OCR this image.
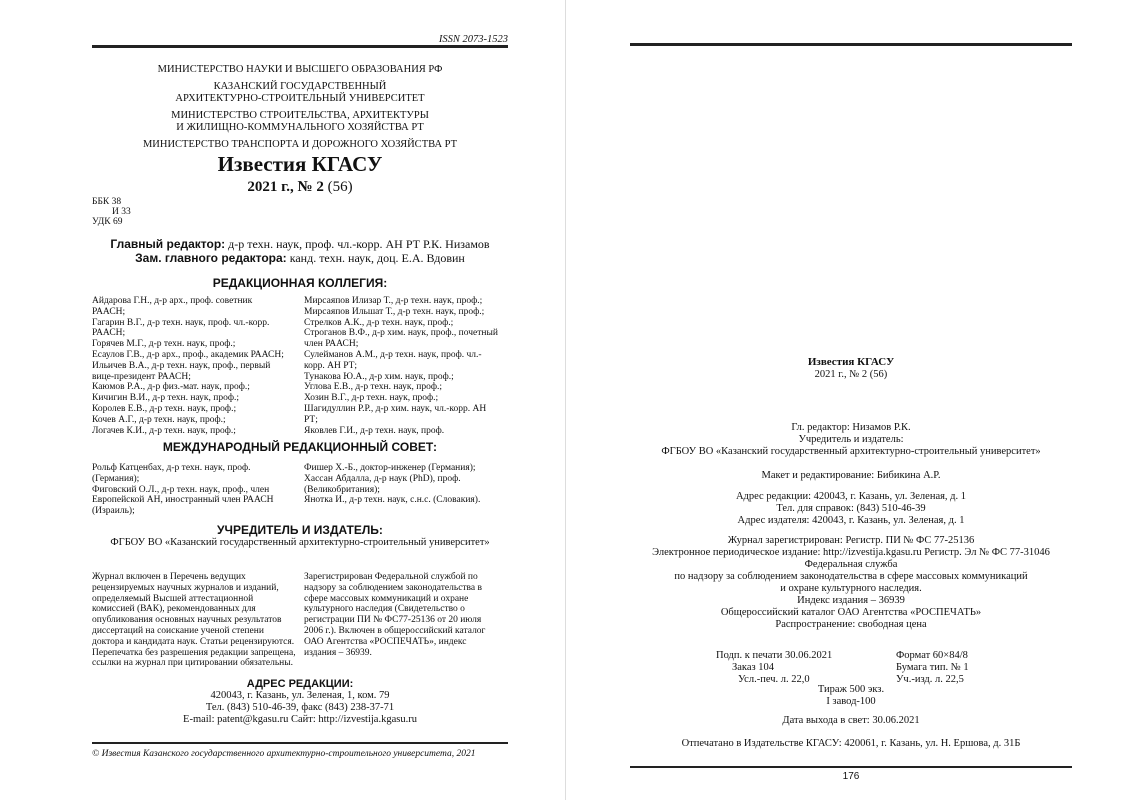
ISSN 2073-1523
МИНИСТЕРСТВО НАУКИ И ВЫСШЕГО ОБРАЗОВАНИЯ РФ
КАЗАНСКИЙ ГОСУДАРСТВЕННЫЙ
АРХИТЕКТУРНО-СТРОИТЕЛЬНЫЙ УНИВЕРСИТЕТ
МИНИСТЕРСТВО СТРОИТЕЛЬСТВА, АРХИТЕКТУРЫ
И ЖИЛИЩНО-КОММУНАЛЬНОГО ХОЗЯЙСТВА РТ
МИНИСТЕРСТВО ТРАНСПОРТА И ДОРОЖНОГО ХОЗЯЙСТВА РТ
Известия КГАСУ
2021 г., № 2 (56)
ББК 38
И 33
УДК 69
Главный редактор: д-р техн. наук, проф. чл.-корр. АН РТ Р.К. Низамов
Зам. главного редактора: канд. техн. наук, доц. Е.А. Вдовин
РЕДАКЦИОННАЯ КОЛЛЕГИЯ:
Айдарова Г.Н., д-р арх., проф. советник
РААСН;
Гагарин В.Г., д-р техн. наук, проф. чл.-корр.
РААСН;
Горячев М.Г., д-р техн. наук, проф.;
Есаулов Г.В., д-р арх., проф., академик РААСН;
Ильичев В.А., д-р техн. наук, проф., первый
вице-президент РААСН;
Каюмов Р.А., д-р физ.-мат. наук, проф.;
Кичигин В.И., д-р техн. наук, проф.;
Королев Е.В., д-р техн. наук, проф.;
Кочев А.Г., д-р техн. наук, проф.;
Логачев К.И., д-р техн. наук, проф.;
Мирсаяпов Илизар Т., д-р техн. наук, проф.;
Мирсаяпов Ильшат Т., д-р техн. наук, проф.;
Стрелков А.К., д-р техн. наук, проф.;
Строганов В.Ф., д-р хим. наук, проф., почетный
член РААСН;
Сулейманов А.М., д-р техн. наук, проф. чл.-
корр. АН РТ;
Тунакова Ю.А., д-р хим. наук, проф.;
Углова Е.В., д-р техн. наук, проф.;
Хозин В.Г., д-р техн. наук, проф.;
Шагидуллин Р.Р., д-р хим. наук, чл.-корр. АН
РТ;
Яковлев Г.И., д-р техн. наук, проф.
МЕЖДУНАРОДНЫЙ РЕДАКЦИОННЫЙ СОВЕТ:
Рольф Катценбах, д-р техн. наук, проф.
(Германия);
Фиговский О.Л., д-р техн. наук, проф., член
Европейской АН, иностранный член РААСН
(Израиль);
Фишер Х.-Б., доктор-инженер (Германия);
Хассан Абдалла, д-р наук (PhD), проф.
(Великобритания);
Янотка И., д-р техн. наук, с.н.с. (Словакия).
УЧРЕДИТЕЛЬ И ИЗДАТЕЛЬ:
ФГБОУ ВО «Казанский государственный архитектурно-строительный университет»
Журнал включен в Перечень ведущих
рецензируемых научных журналов и изданий,
определяемый Высшей аттестационной
комиссией (ВАК), рекомендованных для
опубликования основных научных результатов
диссертаций на соискание ученой степени
доктора и кандидата наук. Статьи рецензируются.
Перепечатка без разрешения редакции запрещена,
ссылки на журнал при цитировании обязательны.
Зарегистрирован Федеральной службой по
надзору за соблюдением законодательства в
сфере массовых коммуникаций и охране
культурного наследия (Свидетельство о
регистрации ПИ № ФС77-25136 от 20 июля
2006 г.). Включен в общероссийский каталог
ОАО Агентства «РОСПЕЧАТЬ», индекс
издания – 36939.
АДРЕС РЕДАКЦИИ:
420043, г. Казань, ул. Зеленая, 1, ком. 79
Тел. (843) 510-46-39, факс (843) 238-37-71
E-mail: patent@kgasu.ru Сайт: http://izvestija.kgasu.ru
© Известия Казанского государственного архитектурно-строительного университета, 2021
Известия КГАСУ
2021 г., № 2 (56)
Гл. редактор: Низамов Р.К.
Учредитель и издатель:
ФГБОУ ВО «Казанский государственный архитектурно-строительный университет»
Макет и редактирование: Бибикина А.Р.
Адрес редакции: 420043, г. Казань, ул. Зеленая, д. 1
Тел. для справок: (843) 510-46-39
Адрес издателя: 420043, г. Казань, ул. Зеленая, д. 1
Журнал зарегистрирован: Регистр. ПИ № ФС 77-25136
Электронное периодическое издание: http://izvestija.kgasu.ru Регистр. Эл № ФС 77-31046
Федеральная служба
по надзору за соблюдением законодательства в сфере массовых коммуникаций
и охране культурного наследия.
Индекс издания – 36939
Общероссийский каталог ОАО Агентства «РОСПЕЧАТЬ»
Распространение: свободная цена
Подп. к печати 30.06.2021
Заказ 104
Усл.-печ. л. 22,0
Формат 60×84/8
Бумага тип. № 1
Уч.-изд. л. 22,5
Тираж 500 экз.
I завод-100
Дата выхода в свет: 30.06.2021
Отпечатано в Издательстве КГАСУ: 420061, г. Казань, ул. Н. Ершова, д. 31Б
176
